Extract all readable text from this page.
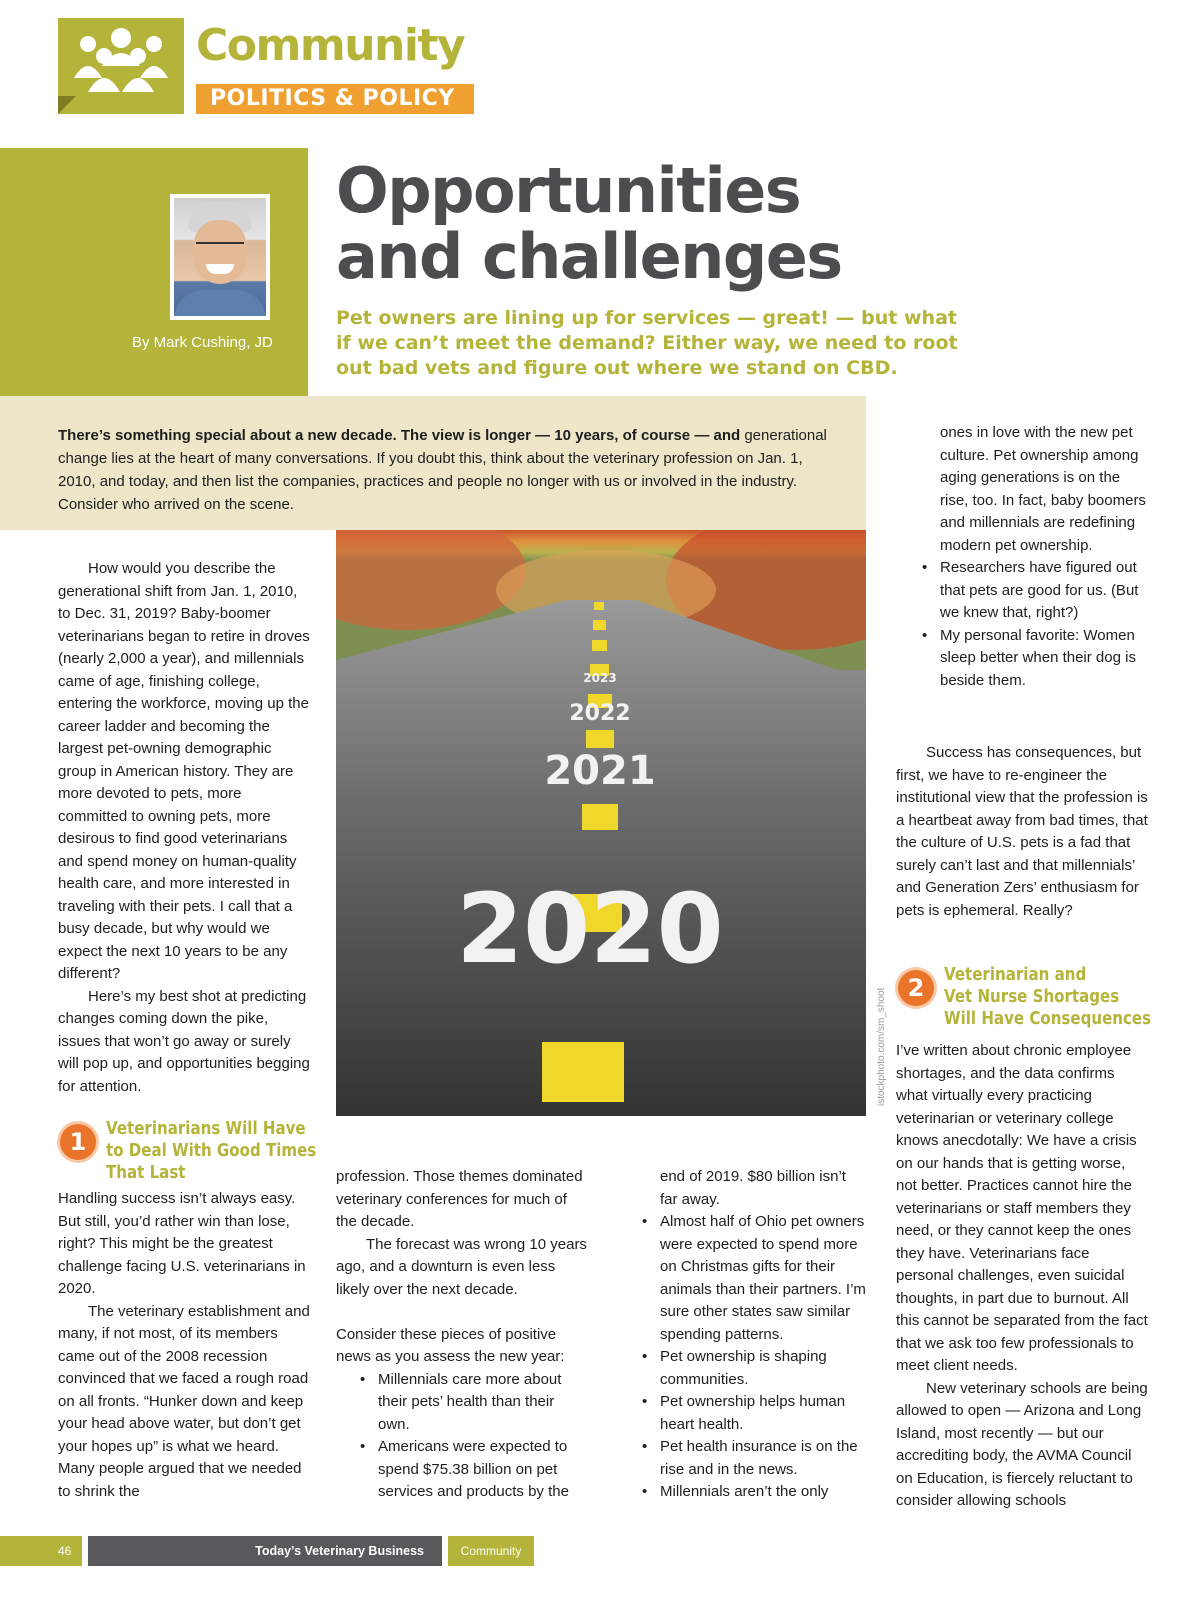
Community
POLITICS & POLICY
By Mark Cushing, JD
Opportunities
and challenges
Pet owners are lining up for services — great! — but what if we can’t meet the demand? Either way, we need to root out bad vets and figure out where we stand on CBD.
There’s something special about a new decade. The view is longer — 10 years, of course — and generational change lies at the heart of many conversations. If you doubt this, think about the veterinary profession on Jan. 1, 2010, and today, and then list the companies, practices and people no longer with us or involved in the industry. Consider who arrived on the scene.
2023
2022
2021
2020
istockphoto.com/sm_shoot

How would you describe the generational shift from Jan. 1, 2010, to Dec. 31, 2019? Baby-boomer veterinarians began to retire in droves (nearly 2,000 a year), and millennials came of age, finishing college, entering the workforce, moving up the career ladder and becoming the largest pet-owning demographic group in American history. They are more devoted to pets, more committed to owning pets, more desirous to find good veterinarians and spend money on human-quality health care, and more interested in traveling with their pets. I call that a busy decade, but why would we expect the next 10 years to be any different?

Here’s my best shot at predicting changes coming down the pike, issues that won’t go away or surely will pop up, and opportunities begging for attention.

1	Veterinarians Will Have
to Deal With Good Times
That Last

Handling success isn’t always easy. But still, you’d rather win than lose, right? This might be the greatest challenge facing U.S. veterinarians in 2020.

The veterinary establishment and many, if not most, of its members came out of the 2008 recession convinced that we faced a rough road on all fronts. “Hunker down and keep your head above water, but don’t get your hopes up” is what we heard. Many people argued that we needed to shrink the

profession. Those themes dominated veterinary conferences for much of the decade.

The forecast was wrong 10 years ago, and a downturn is even less likely over the next decade.

Consider these pieces of positive news as you assess the new year:

• Millennials care more about their pets’ health than their own.
• Americans were expected to spend $75.38 billion on pet services and products by the

end of 2019. $80 billion isn’t far away.

• Almost half of Ohio pet owners were expected to spend more on Christmas gifts for their animals than their partners. I’m sure other states saw similar spending patterns.
• Pet ownership is shaping communities.
• Pet ownership helps human heart health.
• Pet health insurance is on the rise and in the news.
• Millennials aren’t the only

ones in love with the new pet culture. Pet ownership among aging generations is on the rise, too. In fact, baby boomers and millennials are redefining modern pet ownership.

• Researchers have figured out that pets are good for us. (But we knew that, right?)
• My personal favorite: Women sleep better when their dog is beside them.

Success has consequences, but first, we have to re-engineer the institutional view that the profession is a heartbeat away from bad times, that the culture of U.S. pets is a fad that surely can’t last and that millennials’ and Generation Zers’ enthusiasm for pets is ephemeral. Really?

2	Veterinarian and
Vet Nurse Shortages
Will Have Consequences

I’ve written about chronic employee shortages, and the data confirms what virtually every practicing veterinarian or veterinary college knows anecdotally: We have a crisis on our hands that is getting worse, not better. Practices cannot hire the veterinarians or staff members they need, or they cannot keep the ones they have. Veterinarians face personal challenges, even suicidal thoughts, in part due to burnout. All this cannot be separated from the fact that we ask too few professionals to meet client needs.

New veterinary schools are being allowed to open — Arizona and Long Island, most recently — but our accrediting body, the AVMA Council on Education, is fiercely reluctant to consider allowing schools

46	Today’s Veterinary Business	Community
